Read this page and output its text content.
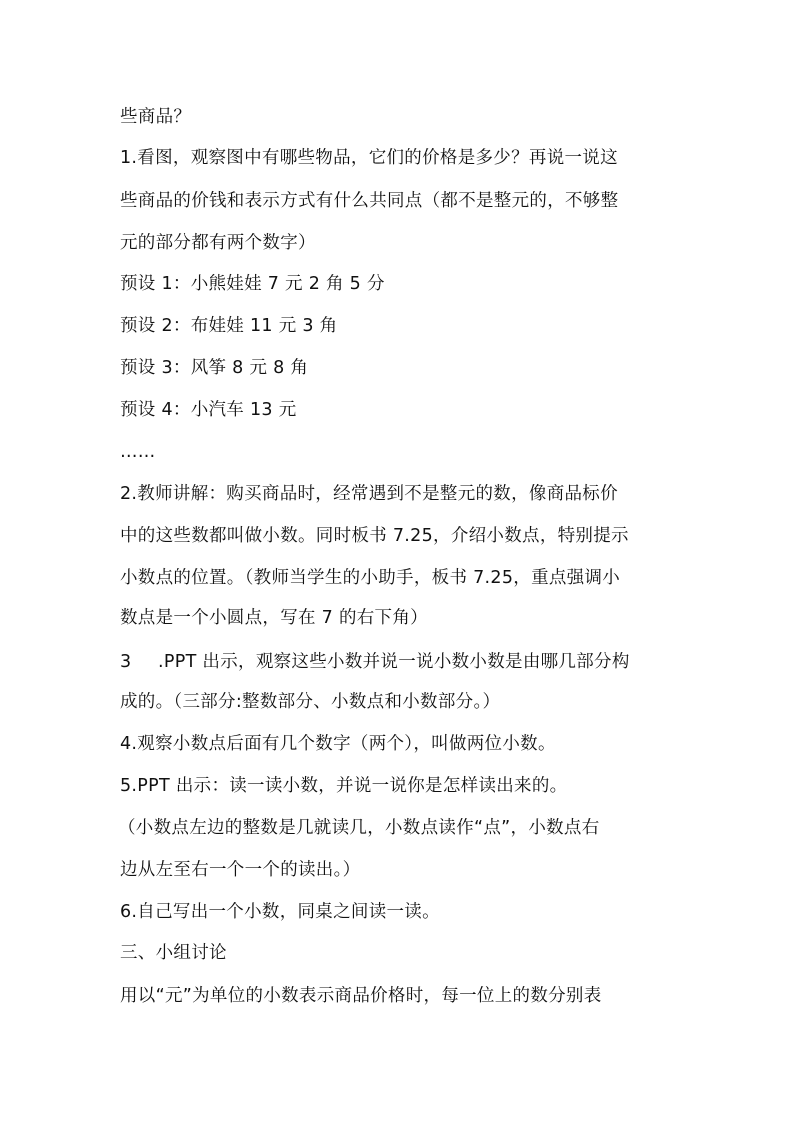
些商品？
1.看图，观察图中有哪些物品，它们的价格是多少？再说一说这
些商品的价钱和表示方式有什么共同点（都不是整元的，不够整
元的部分都有两个数字）
预设 1：小熊娃娃 7 元 2 角 5 分
预设 2：布娃娃 11 元 3 角
预设 3：风筝 8 元 8 角
预设 4：小汽车 13 元
……
2.教师讲解：购买商品时，经常遇到不是整元的数，像商品标价
中的这些数都叫做小数。同时板书 7.25，介绍小数点，特别提示
小数点的位置。（教师当学生的小助手，板书 7.25，重点强调小
数点是一个小圆点，写在 7 的右下角）
3 .PPT 出示，观察这些小数并说一说小数小数是由哪几部分构
成的。（三部分:整数部分、小数点和小数部分。）
4.观察小数点后面有几个数字（两个），叫做两位小数。
5.PPT 出示：读一读小数，并说一说你是怎样读出来的。
（小数点左边的整数是几就读几，小数点读作“点”，小数点右
边从左至右一个一个的读出。）
6.自己写出一个小数，同桌之间读一读。
三、小组讨论
用以“元”为单位的小数表示商品价格时，每一位上的数分别表
